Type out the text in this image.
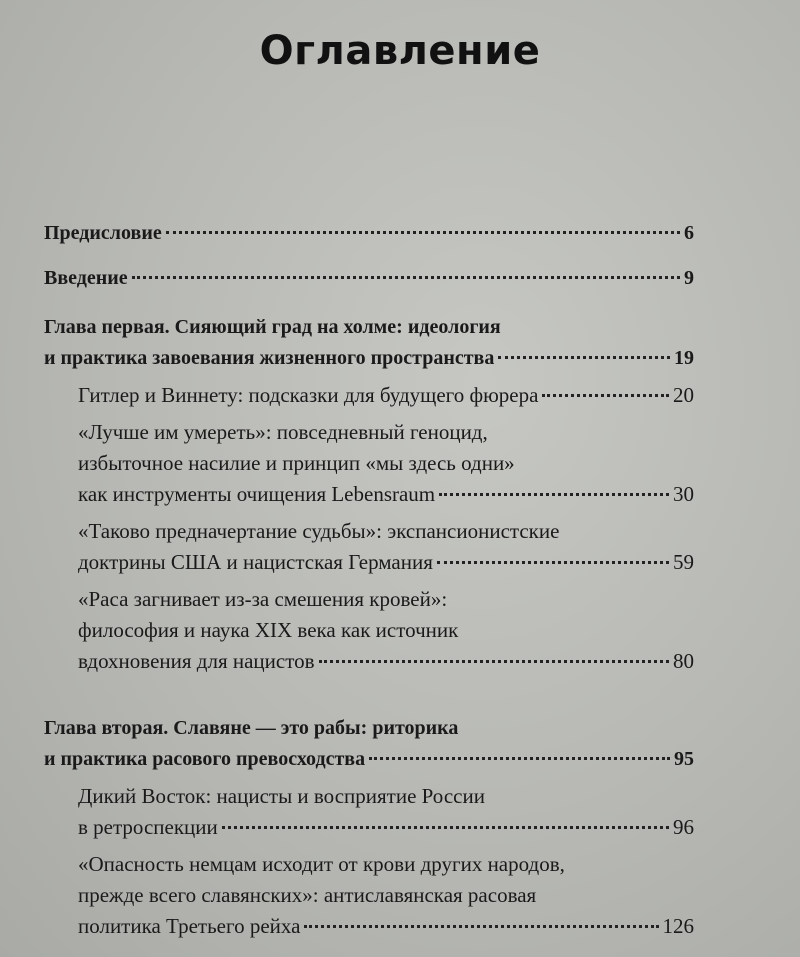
Оглавление
Предисловие	6
Введение	9
Глава первая. Сияющий град на холме: идеология
и практика завоевания жизненного пространства	19
Гитлер и Виннету: подсказки для будущего фюрера	20
«Лучше им умереть»: повседневный геноцид,
избыточное насилие и принцип «мы здесь одни»
как инструменты очищения Lebensraum	30
«Таково предначертание судьбы»: экспансионистские
доктрины США и нацистская Германия	59
«Раса загнивает из-за смешения кровей»:
философия и наука XIX века как источник
вдохновения для нацистов	80
Глава вторая. Славяне — это рабы: риторика
и практика расового превосходства	95
Дикий Восток: нацисты и восприятие России
в ретроспекции	96
«Опасность немцам исходит от крови других народов,
прежде всего славянских»: антиславянская расовая
политика Третьего рейха	126
